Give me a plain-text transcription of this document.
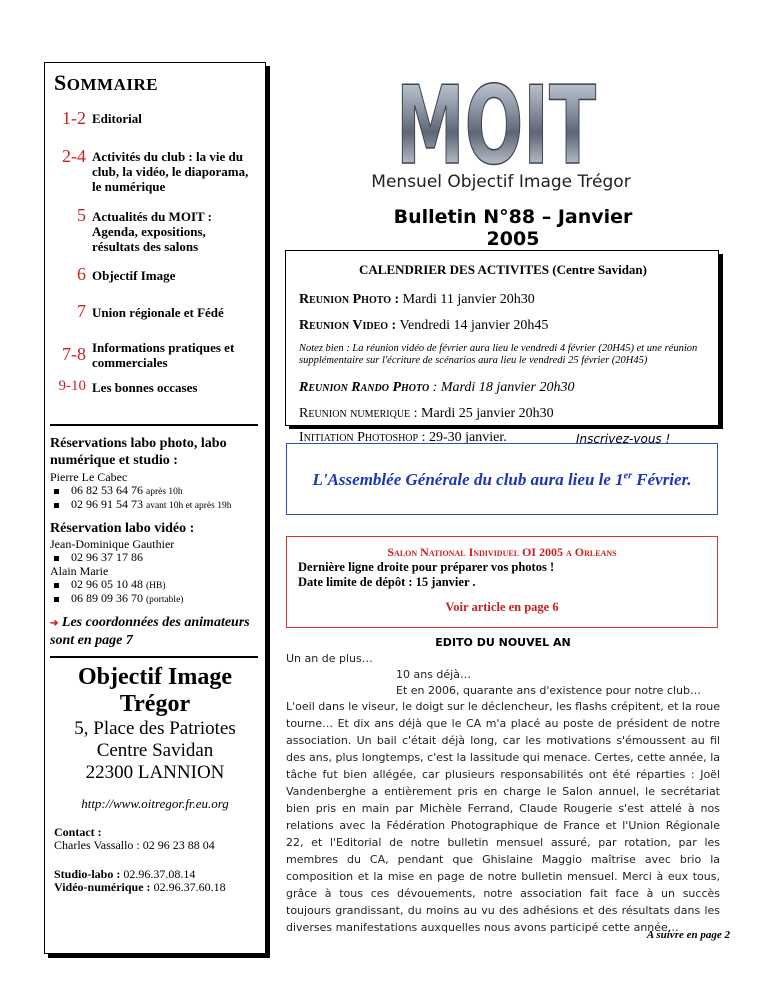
SOMMAIRE
1-2 Editorial
2-4 Activités du club : la vie du club, la vidéo, le diaporama, le numérique
5 Actualités du MOIT : Agenda, expositions, résultats des salons
6 Objectif Image
7 Union régionale et Fédé
7-8 Informations pratiques et commerciales
9-10 Les bonnes occases
Réservations labo photo, labo numérique et studio :
Pierre Le Cabec
06 82 53 64 76 après 10h
02 96 91 54 73 avant 10h et après 19h
Réservation labo vidéo :
Jean-Dominique Gauthier
02 96 37 17 86
Alain Marie
02 96 05 10 48 (HB)
06 89 09 36 70 (portable)
➔ Les coordonnées des animateurs sont en page 7
Objectif Image
Trégor
5, Place des Patriotes
Centre Savidan
22300 LANNION
http://www.oitregor.fr.eu.org
Contact :
Charles Vassallo : 02 96 23 88 04
Studio-labo : 02.96.37.08.14
Vidéo-numérique : 02.96.37.60.18
MOIT
Mensuel Objectif Image Trégor
Bulletin N°88 – Janvier 2005
CALENDRIER DES ACTIVITES (Centre Savidan)
Reunion Photo : Mardi 11 janvier 20h30
Reunion Video : Vendredi 14 janvier 20h45
Notez bien : La réunion vidéo de février aura lieu le vendredi 4 février (20H45) et une réunion supplémentaire sur l'écriture de scénarios aura lieu le vendredi 25 février (20H45)
Reunion Rando Photo : Mardi 18 janvier 20h30
Reunion numerique : Mardi 25 janvier 20h30
Initiation Photoshop : 29-30 janvier.	Inscrivez-vous !
L'Assemblée Générale du club aura lieu le 1er Février.
Salon National Individuel OI 2005 a Orleans
Dernière ligne droite pour préparer vos photos !
Date limite de dépôt : 15 janvier .
Voir article en page 6
EDITO DU NOUVEL AN
Un an de plus…
10 ans déjà…
Et en 2006, quarante ans d'existence pour notre club…
L'oeil dans le viseur, le doigt sur le déclencheur, les flashs crépitent, et la roue tourne… Et dix ans déjà que le CA m'a placé au poste de président de notre association. Un bail c'était déjà long, car les motivations s'émoussent au fil des ans, plus longtemps, c'est la lassitude qui menace. Certes, cette année, la tâche fut bien allégée, car plusieurs responsabilités ont été réparties : Joël Vandenberghe a entièrement pris en charge le Salon annuel, le secrétariat bien pris en main par Michèle Ferrand, Claude Rougerie s'est attelé à nos relations avec la Fédération Photographique de France et l'Union Régionale 22, et l'Editorial de notre bulletin mensuel assuré, par rotation, par les membres du CA, pendant que Ghislaine Maggio maîtrise avec brio la composition et la mise en page de notre bulletin mensuel. Merci à eux tous, grâce à tous ces dévouements, notre association fait face à un succès toujours grandissant, du moins au vu des adhésions et des résultats dans les diverses manifestations auxquelles nous avons participé cette année…
A suivre en page 2
